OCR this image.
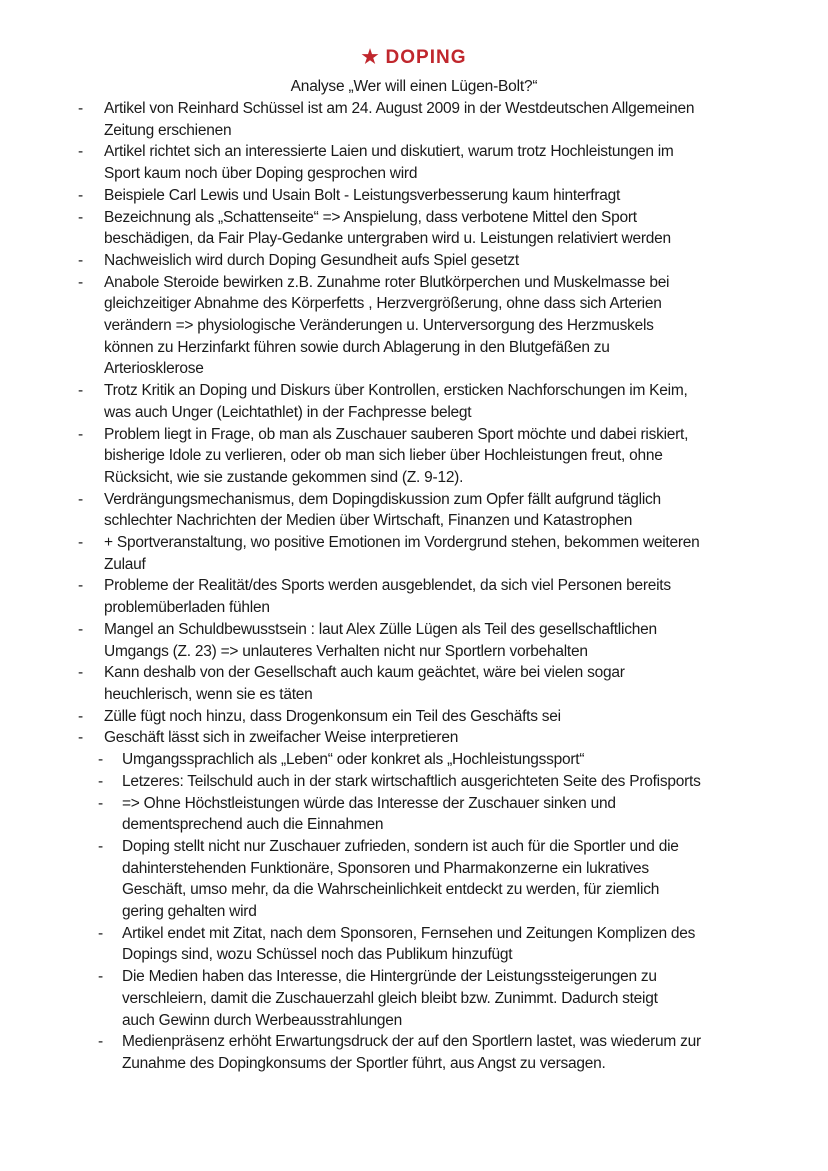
★ DOPING
Analyse „Wer will einen Lügen-Bolt?“
- Artikel von Reinhard Schüssel ist am 24. August 2009 in der Westdeutschen Allgemeinen
Zeitung erschienen
- Artikel richtet sich an interessierte Laien und diskutiert, warum trotz Hochleistungen im
Sport kaum noch über Doping gesprochen wird
- Beispiele Carl Lewis und Usain Bolt - Leistungsverbesserung kaum hinterfragt
- Bezeichnung als „Schattenseite“ => Anspielung, dass verbotene Mittel den Sport
beschädigen, da Fair Play-Gedanke untergraben wird u. Leistungen relativiert werden
- Nachweislich wird durch Doping Gesundheit aufs Spiel gesetzt
- Anabole Steroide bewirken z.B. Zunahme roter Blutkörperchen und Muskelmasse bei
gleichzeitiger Abnahme des Körperfetts , Herzvergrößerung, ohne dass sich Arterien
verändern => physiologische Veränderungen u. Unterversorgung des Herzmuskels
können zu Herzinfarkt führen sowie durch Ablagerung in den Blutgefäßen zu
Arteriosklerose
- Trotz Kritik an Doping und Diskurs über Kontrollen, ersticken Nachforschungen im Keim,
was auch Unger (Leichtathlet) in der Fachpresse belegt
- Problem liegt in Frage, ob man als Zuschauer sauberen Sport möchte und dabei riskiert,
bisherige Idole zu verlieren, oder ob man sich lieber über Hochleistungen freut, ohne
Rücksicht, wie sie zustande gekommen sind (Z. 9-12).
- Verdrängungsmechanismus, dem Dopingdiskussion zum Opfer fällt aufgrund täglich
schlechter Nachrichten der Medien über Wirtschaft, Finanzen und Katastrophen
- + Sportveranstaltung, wo positive Emotionen im Vordergrund stehen, bekommen weiteren
Zulauf
- Probleme der Realität/des Sports werden ausgeblendet, da sich viel Personen bereits
problemüberladen fühlen
- Mangel an Schuldbewusstsein : laut Alex Zülle Lügen als Teil des gesellschaftlichen
Umgangs (Z. 23) => unlauteres Verhalten nicht nur Sportlern vorbehalten
- Kann deshalb von der Gesellschaft auch kaum geächtet, wäre bei vielen sogar
heuchlerisch, wenn sie es täten
- Zülle fügt noch hinzu, dass Drogenkonsum ein Teil des Geschäfts sei
- Geschäft lässt sich in zweifacher Weise interpretieren
- Umgangssprachlich als „Leben“ oder konkret als „Hochleistungssport“
- Letzeres: Teilschuld auch in der stark wirtschaftlich ausgerichteten Seite des Profisports
- => Ohne Höchstleistungen würde das Interesse der Zuschauer sinken und
dementsprechend auch die Einnahmen
- Doping stellt nicht nur Zuschauer zufrieden, sondern ist auch für die Sportler und die
dahinterstehenden Funktionäre, Sponsoren und Pharmakonzerne ein lukratives
Geschäft, umso mehr, da die Wahrscheinlichkeit entdeckt zu werden, für ziemlich
gering gehalten wird
- Artikel endet mit Zitat, nach dem Sponsoren, Fernsehen und Zeitungen Komplizen des
Dopings sind, wozu Schüssel noch das Publikum hinzufügt
- Die Medien haben das Interesse, die Hintergründe der Leistungssteigerungen zu
verschleiern, damit die Zuschauerzahl gleich bleibt bzw. Zunimmt. Dadurch steigt
auch Gewinn durch Werbeausstrahlungen
- Medienpräsenz erhöht Erwartungsdruck der auf den Sportlern lastet, was wiederum zur
Zunahme des Dopingkonsums der Sportler führt, aus Angst zu versagen.
